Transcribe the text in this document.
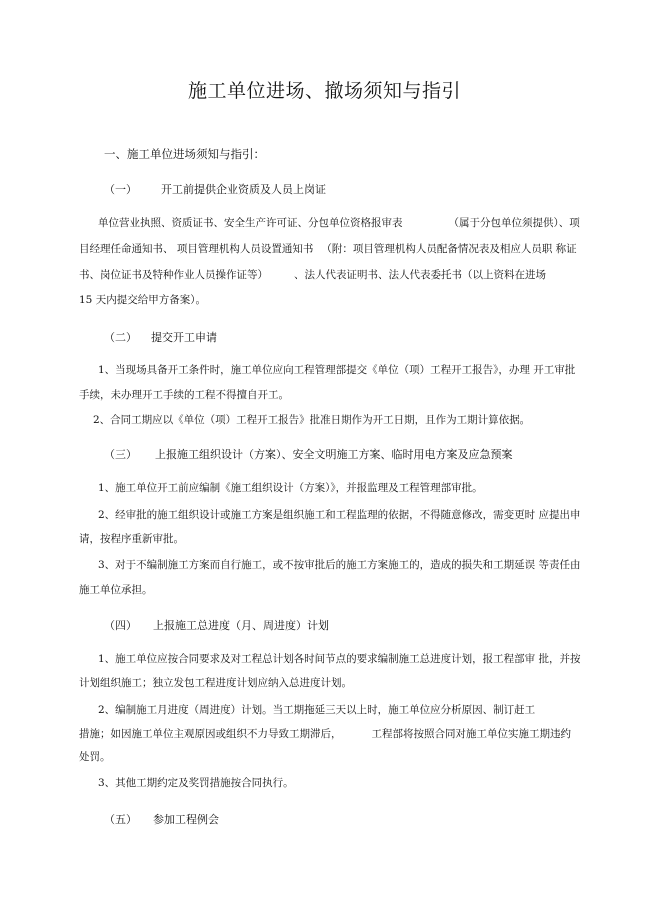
施工单位进场、撤场须知与指引
一、施工单位进场须知与指引：
（一） 开工前提供企业资质及人员上岗证
单位营业执照、资质证书、安全生产许可证、分包单位资格报审表	（属于分包单位须提供）、项
目经理任命通知书、 项目管理机构人员设置通知书 （附：项目管理机构人员配备情况表及相应人员职 称证
书、岗位证书及特种作业人员操作证等） 、法人代表证明书、法人代表委托书（以上资料在进场
15 天内提交给甲方备案）。
（二） 提交开工申请
1、当现场具备开工条件时，施工单位应向工程管理部提交《单位（项）工程开工报告》，办理 开工审批
手续，未办理开工手续的工程不得擅自开工。
2、合同工期应以《单位（项）工程开工报告》批准日期作为开工日期，且作为工期计算依据。
（三） 上报施工组织设计（方案）、安全文明施工方案、临时用电方案及应急预案
1、施工单位开工前应编制《施工组织设计（方案）》，并报监理及工程管理部审批。
2、经审批的施工组织设计或施工方案是组织施工和工程监理的依据，不得随意修改，需变更时 应提出申
请，按程序重新审批。
3、对于不编制施工方案而自行施工，或不按审批后的施工方案施工的，造成的损失和工期延误 等责任由
施工单位承担。
（四） 上报施工总进度（月、周进度）计划
1、施工单位应按合同要求及对工程总计划各时间节点的要求编制施工总进度计划，报工程部审 批，并按
计划组织施工；独立发包工程进度计划应纳入总进度计划。
2、编制施工月进度（周进度）计划。当工期拖延三天以上时，施工单位应分析原因、制订赶工
措施；如因施工单位主观原因或组织不力导致工期滞后，	工程部将按照合同对施工单位实施工期违约
处罚。
3、其他工期约定及奖罚措施按合同执行。
（五） 参加工程例会
